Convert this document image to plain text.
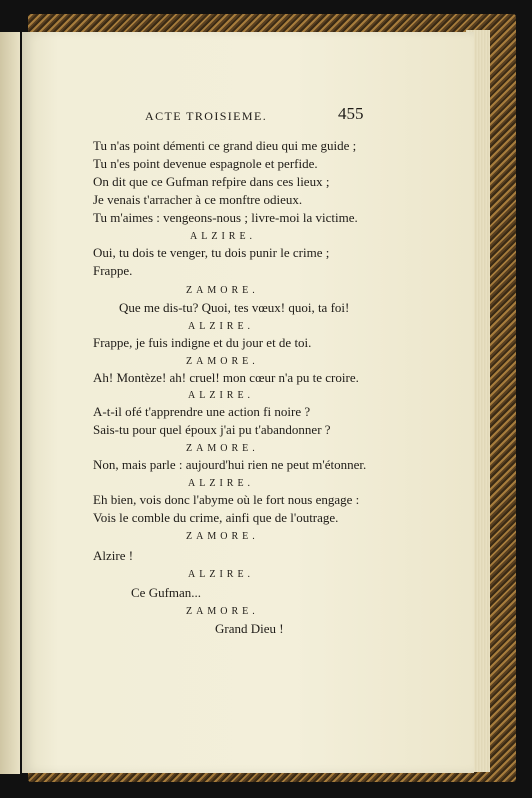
ACTE TROISIEME.	455
Tu n'as point démenti ce grand dieu qui me guide ;
Tu n'es point devenue espagnole et perfide.
On dit que ce Gufman refpire dans ces lieux ;
Je venais t'arracher à ce monftre odieux.
Tu m'aimes : vengeons-nous ; livre-moi la victime.
ALZIRE.
Oui, tu dois te venger, tu dois punir le crime ;
Frappe.
ZAMORE.
Que me dis-tu? Quoi, tes vœux! quoi, ta foi!
ALZIRE.
Frappe, je fuis indigne et du jour et de toi.
ZAMORE.
Ah! Montèze! ah! cruel! mon cœur n'a pu te croire.
ALZIRE.
A-t-il ofé t'apprendre une action fi noire ?
Sais-tu pour quel époux j'ai pu t'abandonner ?
ZAMORE.
Non, mais parle : aujourd'hui rien ne peut m'étonner.
ALZIRE.
Eh bien, vois donc l'abyme où le fort nous engage :
Vois le comble du crime, ainfi que de l'outrage.
ZAMORE.
Alzire !
ALZIRE.
Ce Gufman...
ZAMORE.
Grand Dieu !
